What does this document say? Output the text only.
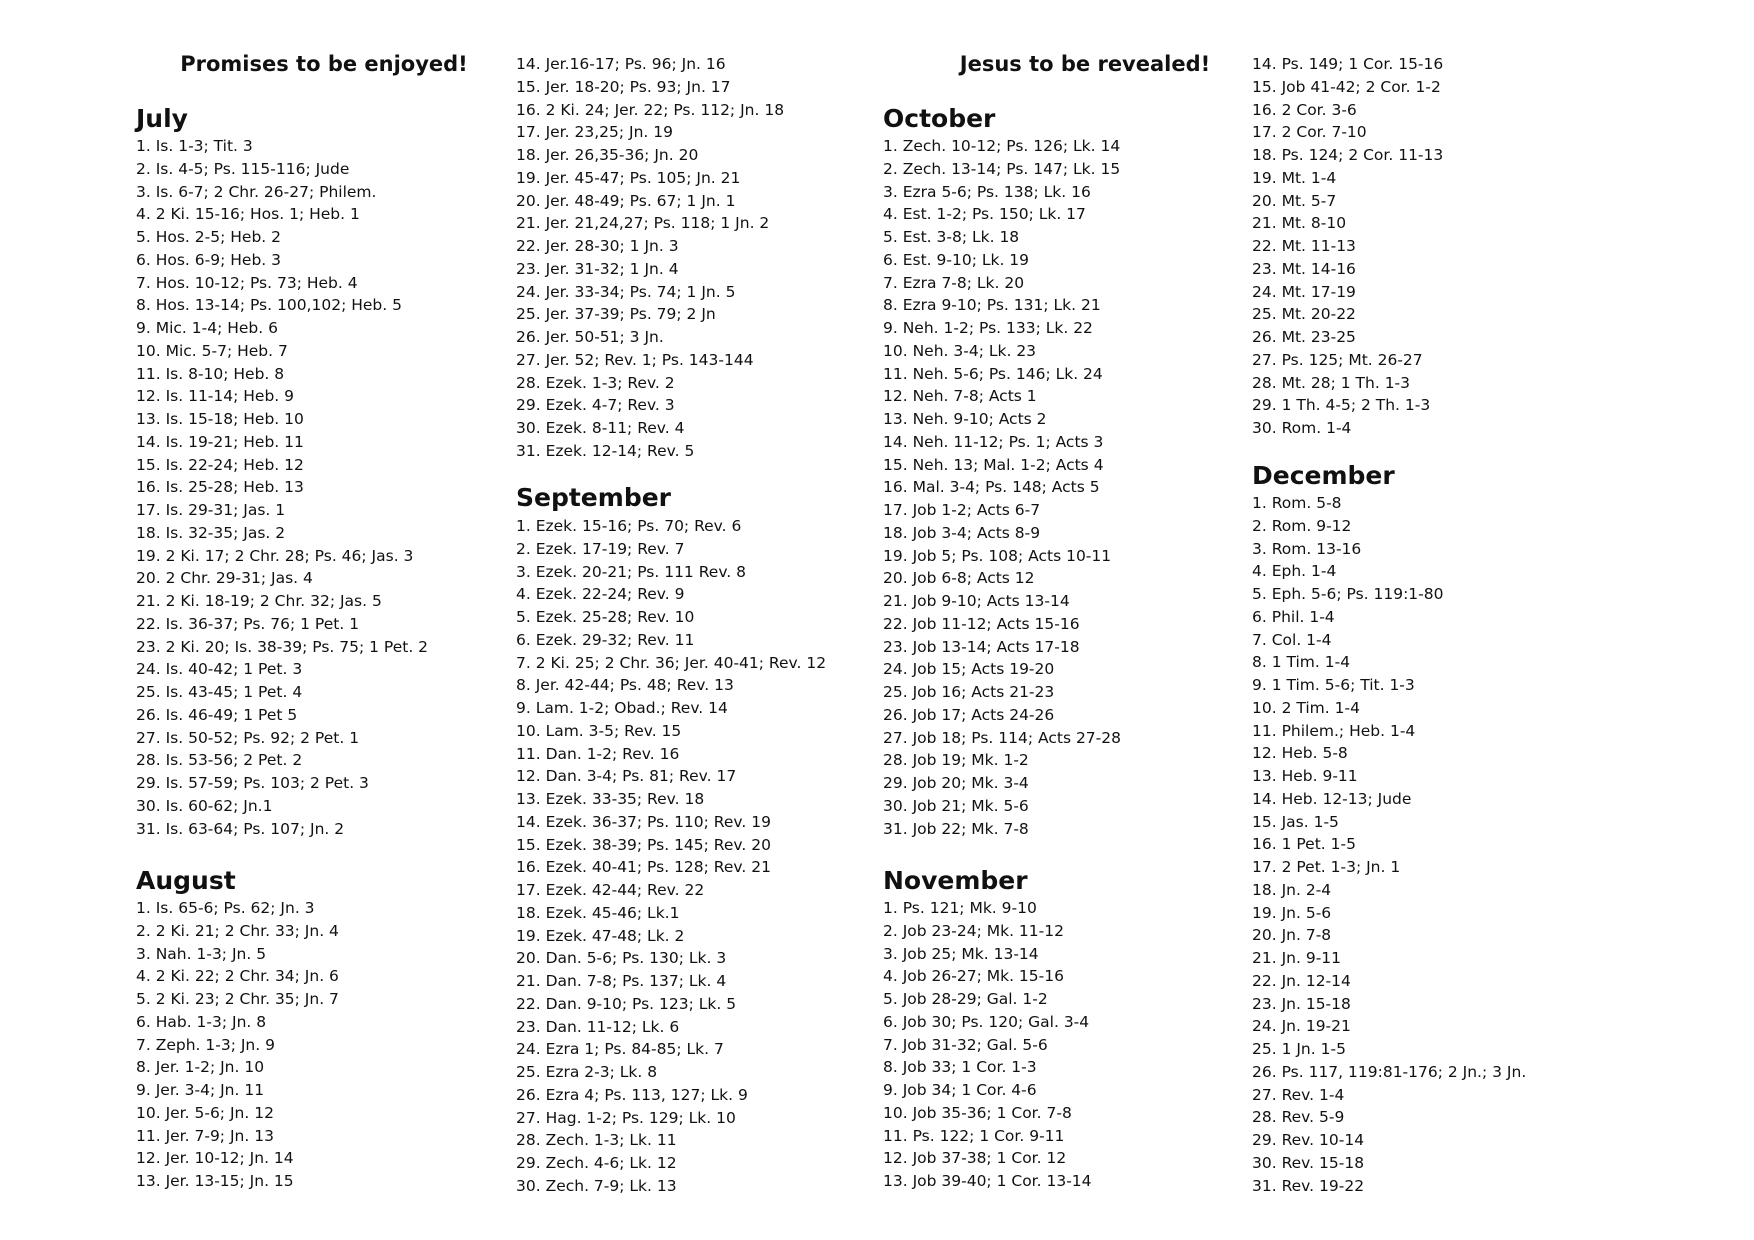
Promises to be enjoyed!
July
1. Is. 1-3; Tit. 3
2. Is. 4-5; Ps. 115-116; Jude
3. Is. 6-7; 2 Chr. 26-27; Philem.
4. 2 Ki. 15-16; Hos. 1; Heb. 1
5. Hos. 2-5; Heb. 2
6. Hos. 6-9; Heb. 3
7. Hos. 10-12; Ps. 73; Heb. 4
8. Hos. 13-14; Ps. 100,102; Heb. 5
9. Mic. 1-4; Heb. 6
10. Mic. 5-7; Heb. 7
11. Is. 8-10; Heb. 8
12. Is. 11-14; Heb. 9
13. Is. 15-18; Heb. 10
14. Is. 19-21; Heb. 11
15. Is. 22-24; Heb. 12
16. Is. 25-28; Heb. 13
17. Is. 29-31; Jas. 1
18. Is. 32-35; Jas. 2
19. 2 Ki. 17; 2 Chr. 28; Ps. 46; Jas. 3
20. 2 Chr. 29-31; Jas. 4
21. 2 Ki. 18-19; 2 Chr. 32; Jas. 5
22. Is. 36-37; Ps. 76; 1 Pet. 1
23. 2 Ki. 20; Is. 38-39; Ps. 75; 1 Pet. 2
24. Is. 40-42; 1 Pet. 3
25. Is. 43-45; 1 Pet. 4
26. Is. 46-49; 1 Pet 5
27. Is. 50-52; Ps. 92; 2 Pet. 1
28. Is. 53-56; 2 Pet. 2
29. Is. 57-59; Ps. 103; 2 Pet. 3
30. Is. 60-62; Jn.1
31. Is. 63-64; Ps. 107; Jn. 2
August
1. Is. 65-6; Ps. 62; Jn. 3
2. 2 Ki. 21; 2 Chr. 33; Jn. 4
3. Nah. 1-3; Jn. 5
4. 2 Ki. 22; 2 Chr. 34; Jn. 6
5. 2 Ki. 23; 2 Chr. 35; Jn. 7
6. Hab. 1-3; Jn. 8
7. Zeph. 1-3; Jn. 9
8. Jer. 1-2; Jn. 10
9. Jer. 3-4; Jn. 11
10. Jer. 5-6; Jn. 12
11. Jer. 7-9; Jn. 13
12. Jer. 10-12; Jn. 14
13. Jer. 13-15; Jn. 15
14. Jer.16-17; Ps. 96; Jn. 16
15. Jer. 18-20; Ps. 93; Jn. 17
16. 2 Ki. 24; Jer. 22; Ps. 112; Jn. 18
17. Jer. 23,25; Jn. 19
18. Jer. 26,35-36; Jn. 20
19. Jer. 45-47; Ps. 105; Jn. 21
20. Jer. 48-49; Ps. 67; 1 Jn. 1
21. Jer. 21,24,27; Ps. 118; 1 Jn. 2
22. Jer. 28-30; 1 Jn. 3
23. Jer. 31-32; 1 Jn. 4
24. Jer. 33-34; Ps. 74; 1 Jn. 5
25. Jer. 37-39; Ps. 79; 2 Jn
26. Jer. 50-51; 3 Jn.
27. Jer. 52; Rev. 1; Ps. 143-144
28. Ezek. 1-3; Rev. 2
29. Ezek. 4-7; Rev. 3
30. Ezek. 8-11; Rev. 4
31. Ezek. 12-14; Rev. 5
September
1. Ezek. 15-16; Ps. 70; Rev. 6
2. Ezek. 17-19; Rev. 7
3. Ezek. 20-21; Ps. 111 Rev. 8
4. Ezek. 22-24; Rev. 9
5. Ezek. 25-28; Rev. 10
6. Ezek. 29-32; Rev. 11
7. 2 Ki. 25; 2 Chr. 36; Jer. 40-41; Rev. 12
8. Jer. 42-44; Ps. 48; Rev. 13
9. Lam. 1-2; Obad.; Rev. 14
10. Lam. 3-5; Rev. 15
11. Dan. 1-2; Rev. 16
12. Dan. 3-4; Ps. 81; Rev. 17
13. Ezek. 33-35; Rev. 18
14. Ezek. 36-37; Ps. 110; Rev. 19
15. Ezek. 38-39; Ps. 145; Rev. 20
16. Ezek. 40-41; Ps. 128; Rev. 21
17. Ezek. 42-44; Rev. 22
18. Ezek. 45-46; Lk.1
19. Ezek. 47-48; Lk. 2
20. Dan. 5-6; Ps. 130; Lk. 3
21. Dan. 7-8; Ps. 137; Lk. 4
22. Dan. 9-10; Ps. 123; Lk. 5
23. Dan. 11-12; Lk. 6
24. Ezra 1; Ps. 84-85; Lk. 7
25. Ezra 2-3; Lk. 8
26. Ezra 4; Ps. 113, 127; Lk. 9
27. Hag. 1-2; Ps. 129; Lk. 10
28. Zech. 1-3; Lk. 11
29. Zech. 4-6; Lk. 12
30. Zech. 7-9; Lk. 13
Jesus to be revealed!
October
1. Zech. 10-12; Ps. 126; Lk. 14
2. Zech. 13-14; Ps. 147; Lk. 15
3. Ezra 5-6; Ps. 138; Lk. 16
4. Est. 1-2; Ps. 150; Lk. 17
5. Est. 3-8; Lk. 18
6. Est. 9-10; Lk. 19
7. Ezra 7-8; Lk. 20
8. Ezra 9-10; Ps. 131; Lk. 21
9. Neh. 1-2; Ps. 133; Lk. 22
10. Neh. 3-4; Lk. 23
11. Neh. 5-6; Ps. 146; Lk. 24
12. Neh. 7-8; Acts 1
13. Neh. 9-10; Acts 2
14. Neh. 11-12; Ps. 1; Acts 3
15. Neh. 13; Mal. 1-2; Acts 4
16. Mal. 3-4; Ps. 148; Acts 5
17. Job 1-2; Acts 6-7
18. Job 3-4; Acts 8-9
19. Job 5; Ps. 108; Acts 10-11
20. Job 6-8; Acts 12
21. Job 9-10; Acts 13-14
22. Job 11-12; Acts 15-16
23. Job 13-14; Acts 17-18
24. Job 15; Acts 19-20
25. Job 16; Acts 21-23
26. Job 17; Acts 24-26
27. Job 18; Ps. 114; Acts 27-28
28. Job 19; Mk. 1-2
29. Job 20; Mk. 3-4
30. Job 21; Mk. 5-6
31. Job 22; Mk. 7-8
November
1. Ps. 121; Mk. 9-10
2. Job 23-24; Mk. 11-12
3. Job 25; Mk. 13-14
4. Job 26-27; Mk. 15-16
5. Job 28-29; Gal. 1-2
6. Job 30; Ps. 120; Gal. 3-4
7. Job 31-32; Gal. 5-6
8. Job 33; 1 Cor. 1-3
9. Job 34; 1 Cor. 4-6
10. Job 35-36; 1 Cor. 7-8
11. Ps. 122; 1 Cor. 9-11
12. Job 37-38; 1 Cor. 12
13. Job 39-40; 1 Cor. 13-14
14. Ps. 149; 1 Cor. 15-16
15. Job 41-42; 2 Cor. 1-2
16. 2 Cor. 3-6
17. 2 Cor. 7-10
18. Ps. 124; 2 Cor. 11-13
19. Mt. 1-4
20. Mt. 5-7
21. Mt. 8-10
22. Mt. 11-13
23. Mt. 14-16
24. Mt. 17-19
25. Mt. 20-22
26. Mt. 23-25
27. Ps. 125; Mt. 26-27
28. Mt. 28; 1 Th. 1-3
29. 1 Th. 4-5; 2 Th. 1-3
30. Rom. 1-4
December
1. Rom. 5-8
2. Rom. 9-12
3. Rom. 13-16
4. Eph. 1-4
5. Eph. 5-6; Ps. 119:1-80
6. Phil. 1-4
7. Col. 1-4
8. 1 Tim. 1-4
9. 1 Tim. 5-6; Tit. 1-3
10. 2 Tim. 1-4
11. Philem.; Heb. 1-4
12. Heb. 5-8
13. Heb. 9-11
14. Heb. 12-13; Jude
15. Jas. 1-5
16. 1 Pet. 1-5
17. 2 Pet. 1-3; Jn. 1
18. Jn. 2-4
19. Jn. 5-6
20. Jn. 7-8
21. Jn. 9-11
22. Jn. 12-14
23. Jn. 15-18
24. Jn. 19-21
25. 1 Jn. 1-5
26. Ps. 117, 119:81-176; 2 Jn.; 3 Jn.
27. Rev. 1-4
28. Rev. 5-9
29. Rev. 10-14
30. Rev. 15-18
31. Rev. 19-22
